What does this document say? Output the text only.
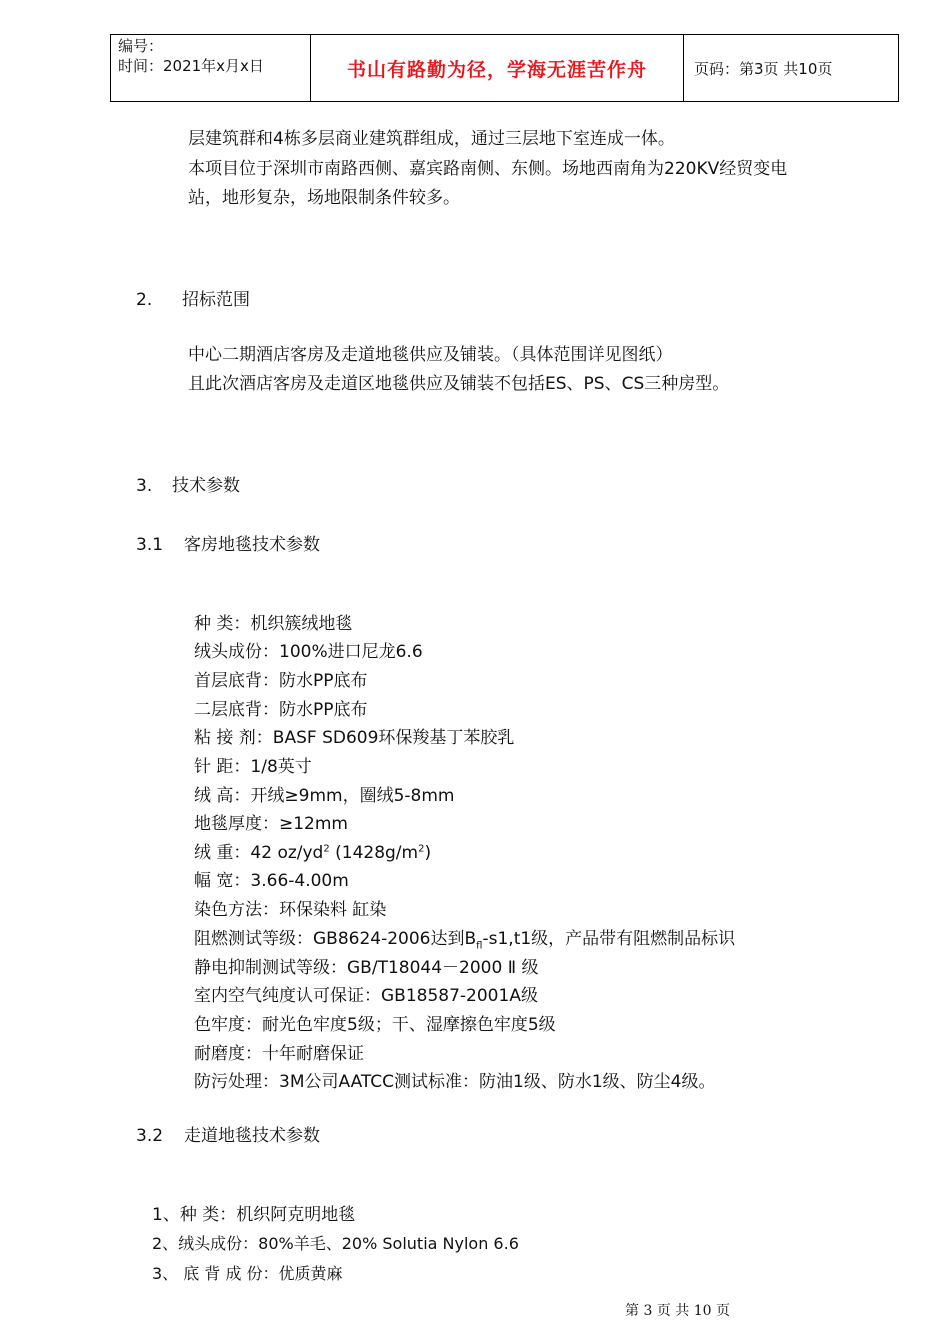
编号：
时间：2021年x月x日	书山有路勤为径，学海无涯苦作舟	页码：第3页 共10页
层建筑群和4栋多层商业建筑群组成，通过三层地下室连成一体。
本项目位于深圳市南路西侧、嘉宾路南侧、东侧。场地西南角为220KV经贸变电
站，地形复杂，场地限制条件较多。
2. 招标范围
中心二期酒店客房及走道地毯供应及铺装。（具体范围详见图纸）
且此次酒店客房及走道区地毯供应及铺装不包括ES、PS、CS三种房型。
3. 技术参数
3.1 客房地毯技术参数
种 类：机织簇绒地毯
绒头成份：100%进口尼龙6.6
首层底背：防水PP底布
二层底背：防水PP底布
粘 接 剂：BASF SD609环保羧基丁苯胶乳
针 距：1/8英寸
绒 高：开绒≥9mm，圈绒5-8mm
地毯厚度：≥12mm
绒 重：42 $oz/yd^2$ $(1428g/m^2)$
幅 宽：3.66-4.00m
染色方法：环保染料 缸染
阻燃测试等级：GB8624-2006达到$B_{fl}-s1,t1$级，产品带有阻燃制品标识
静电抑制测试等级：GB/T18044－2000 Ⅱ 级
室内空气纯度认可保证：GB18587-2001A级
色牢度：耐光色牢度5级；干、湿摩擦色牢度5级
耐磨度：十年耐磨保证
防污处理：3M公司AATCC测试标准：防油1级、防水1级、防尘4级。
3.2 走道地毯技术参数
1、种 类：机织阿克明地毯
2、绒头成份：80%羊毛、20% Solutia Nylon 6.6
3、 底 背 成 份：优质黄麻
第 3 页 共 10 页
